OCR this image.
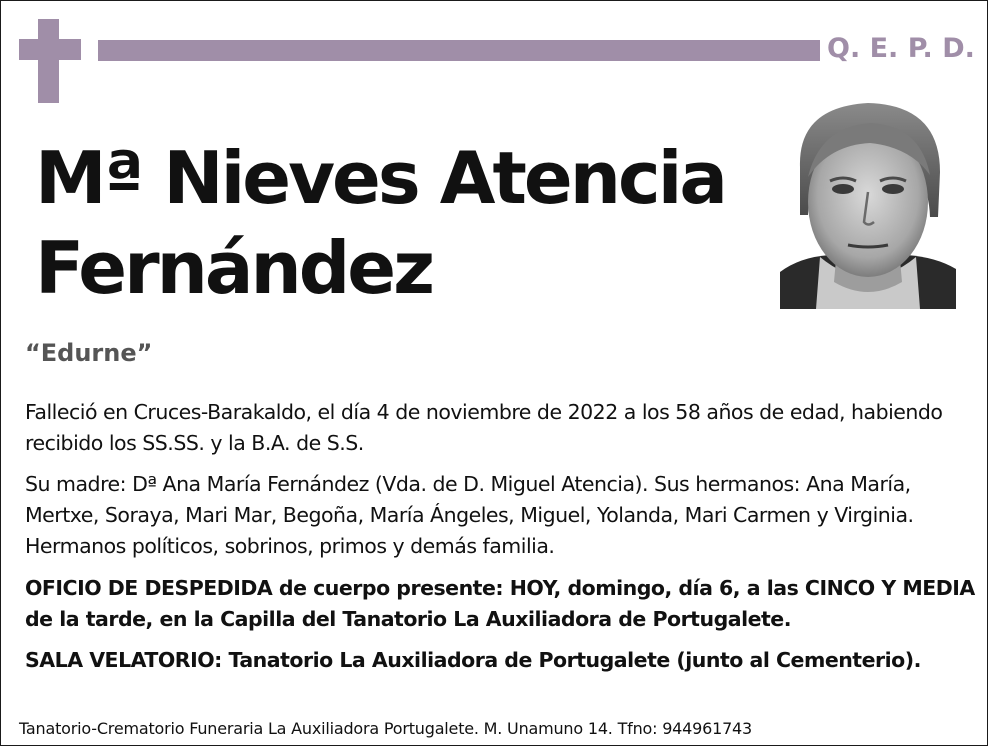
Q. E. P. D.
Mª Nieves Atencia Fernández
“Edurne”
Falleció en Cruces-Barakaldo, el día 4 de noviembre de 2022 a los 58 años de edad, habiendo recibido los SS.SS. y la B.A. de S.S.
Su madre: Dª Ana María Fernández (Vda. de D. Miguel Atencia). Sus hermanos: Ana María, Mertxe, Soraya, Mari Mar, Begoña, María Ángeles, Miguel, Yolanda, Mari Carmen y Virginia. Hermanos políticos, sobrinos, primos y demás familia.
OFICIO DE DESPEDIDA de cuerpo presente: HOY, domingo, día 6, a las CINCO Y MEDIA de la tarde, en la Capilla del Tanatorio La Auxiliadora de Portugalete.
SALA VELATORIO: Tanatorio La Auxiliadora de Portugalete (junto al Cementerio).
Tanatorio-Crematorio Funeraria La Auxiliadora Portugalete. M. Unamuno 14. Tfno: 944961743
